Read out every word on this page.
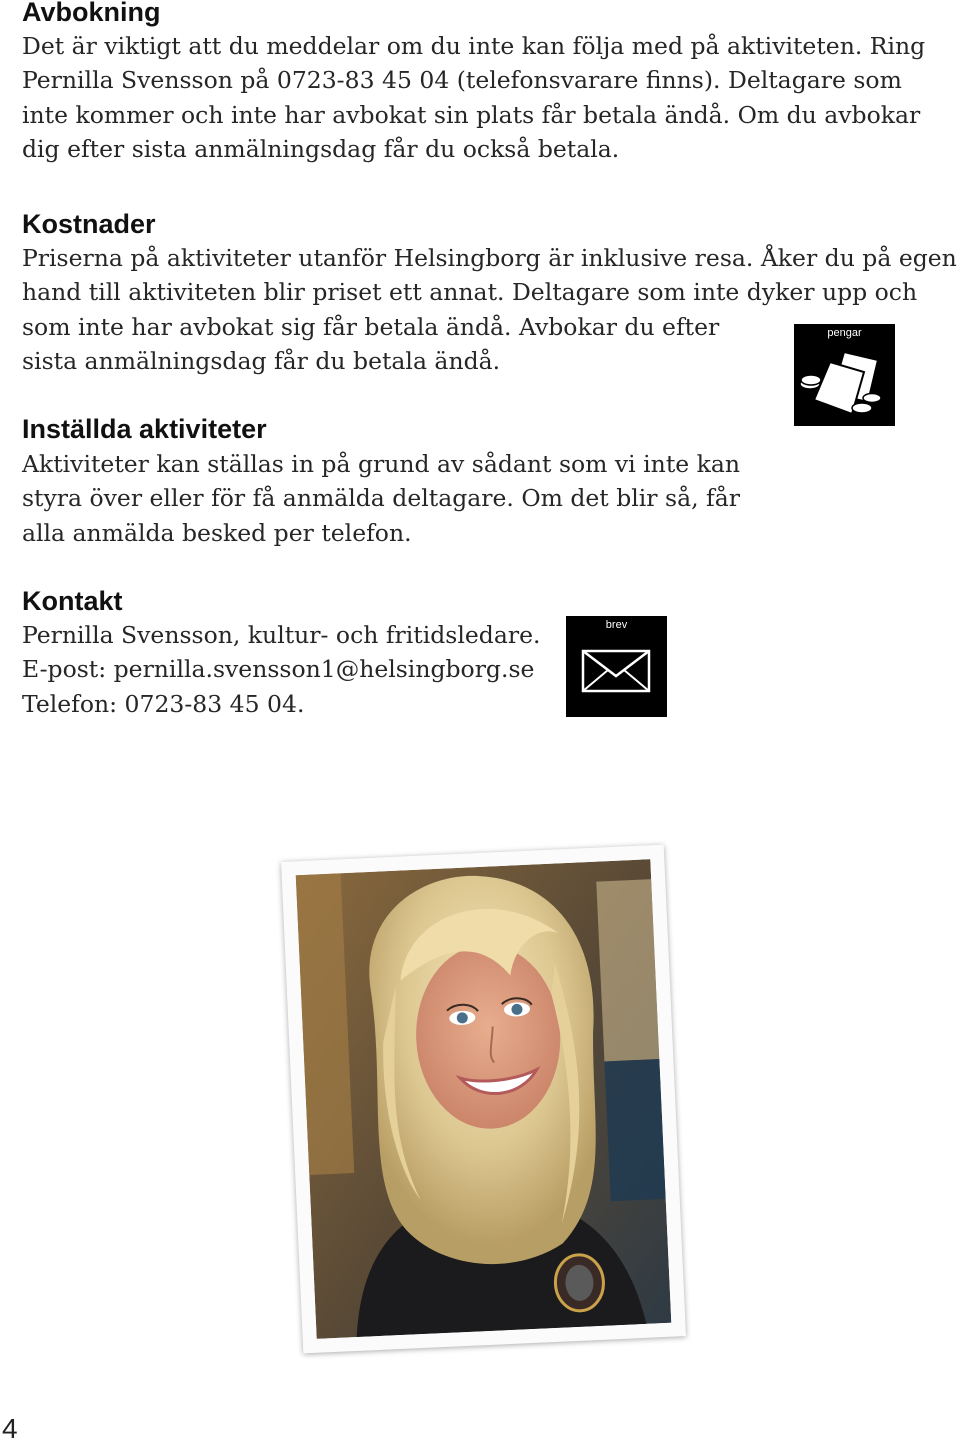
Avbokning

Det är viktigt att du meddelar om du inte kan följa med på aktiviteten. Ring
Pernilla Svensson på 0723-83 45 04 (telefonsvarare finns). Deltagare som
inte kommer och inte har avbokat sin plats får betala ändå. Om du avbokar
dig efter sista anmälningsdag får du också betala.

Kostnader

Priserna på aktiviteter utanför Helsingborg är inklusive resa. Åker du på egen
hand till aktiviteten blir priset ett annat. Deltagare som inte dyker upp och
som inte har avbokat sig får betala ändå. Avbokar du efter
sista anmälningsdag får du betala ändå.

pengar
Inställda aktiviteter

Aktiviteter kan ställas in på grund av sådant som vi inte kan
styra över eller för få anmälda deltagare. Om det blir så, får
alla anmälda besked per telefon.

Kontakt

Pernilla Svensson, kultur- och fritidsledare.
E-post: pernilla.svensson1@helsingborg.se
Telefon: 0723-83 45 04.

brev
4
